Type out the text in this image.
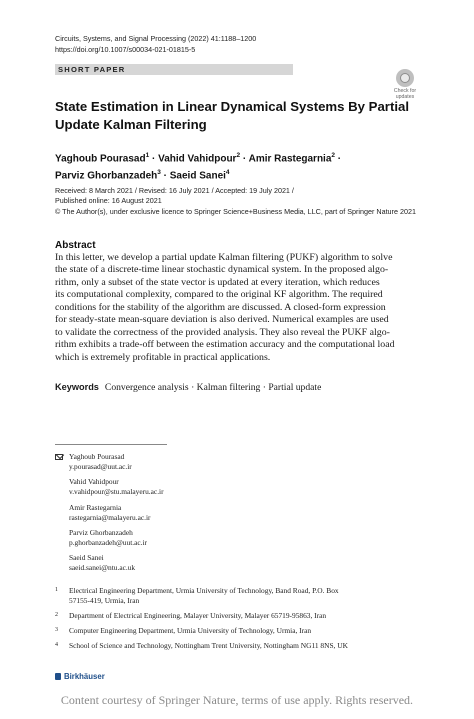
Circuits, Systems, and Signal Processing (2022) 41:1188–1200
https://doi.org/10.1007/s00034-021-01815-5
SHORT PAPER
Check for
updates
State Estimation in Linear Dynamical Systems By Partial
Update Kalman Filtering
Yaghoub Pourasad$^1$ · Vahid Vahidpour$^2$ · Amir Rastegarnia$^2$ ·
Parviz Ghorbanzadeh$^3$ · Saeid Sanei$^4$
Received: 8 March 2021 / Revised: 16 July 2021 / Accepted: 19 July 2021 /
Published online: 16 August 2021
© The Author(s), under exclusive licence to Springer Science+Business Media, LLC, part of Springer Nature 2021
Abstract
In this letter, we develop a partial update Kalman filtering (PUKF) algorithm to solve
the state of a discrete-time linear stochastic dynamical system. In the proposed algo-
rithm, only a subset of the state vector is updated at every iteration, which reduces
its computational complexity, compared to the original KF algorithm. The required
conditions for the stability of the algorithm are discussed. A closed-form expression
for steady-state mean-square deviation is also derived. Numerical examples are used
to validate the correctness of the provided analysis. They also reveal the PUKF algo-
rithm exhibits a trade-off between the estimation accuracy and the computational load
which is extremely profitable in practical applications.
Keywords Convergence analysis · Kalman filtering · Partial update
Yaghoub Pourasad
y.pourasad@uut.ac.ir
Vahid Vahidpour
v.vahidpour@stu.malayeru.ac.ir
Amir Rastegarnia
rastegarnia@malayeru.ac.ir
Parviz Ghorbanzadeh
p.ghorbanzadeh@uut.ac.ir
Saeid Sanei
saeid.sanei@ntu.ac.uk
1 Electrical Engineering Department, Urmia University of Technology, Band Road, P.O. Box
57155-419, Urmia, Iran
2 Department of Electrical Engineering, Malayer University, Malayer 65719-95863, Iran
3 Computer Engineering Department, Urmia University of Technology, Urmia, Iran
4 School of Science and Technology, Nottingham Trent University, Nottingham NG11 8NS, UK
Birkhäuser
Content courtesy of Springer Nature, terms of use apply. Rights reserved.
